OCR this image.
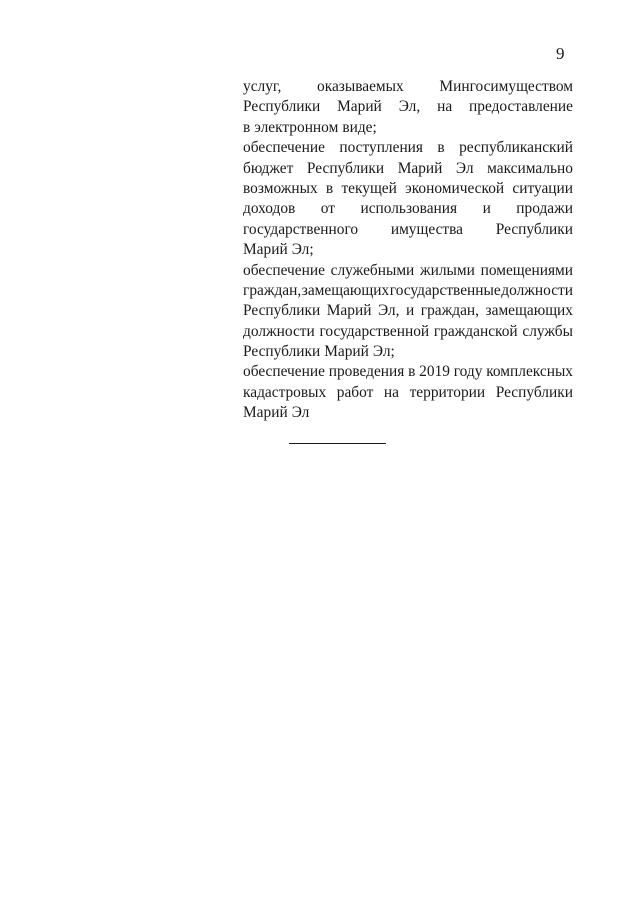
9
услуг, оказываемых Мингосимуществом
Республики Марий Эл, на предоставление
в электронном виде;
обеспечение поступления в республиканский
бюджет Республики Марий Эл максимально
возможных в текущей экономической ситуации
доходов от использования и продажи
государственного имущества Республики
Марий Эл;
обеспечение служебными жилыми помещениями
граждан, замещающих государственные должности
Республики Марий Эл, и граждан, замещающих
должности государственной гражданской службы
Республики Марий Эл;
обеспечение проведения в 2019 году комплексных
кадастровых работ на территории Республики
Марий Эл
